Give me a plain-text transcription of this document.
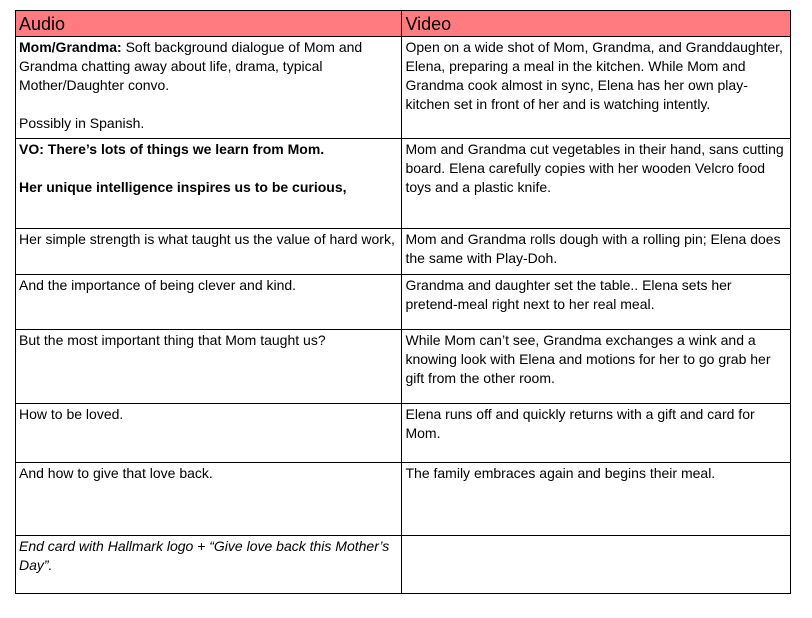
Audio	Video
Mom/Grandma: Soft background dialogue of Mom and Grandma chatting away about life, drama, typical Mother/Daughter convo.
Possibly in Spanish.	Open on a wide shot of Mom, Grandma, and Granddaughter, Elena, preparing a meal in the kitchen. While Mom and Grandma cook almost in sync, Elena has her own play-kitchen set in front of her and is watching intently.
VO: There’s lots of things we learn from Mom.
Her unique intelligence inspires us to be curious,	Mom and Grandma cut vegetables in their hand, sans cutting board. Elena carefully copies with her wooden Velcro food toys and a plastic knife.
Her simple strength is what taught us the value of hard work,	Mom and Grandma rolls dough with a rolling pin; Elena does the same with Play-Doh.
And the importance of being clever and kind.	Grandma and daughter set the table.. Elena sets her pretend-meal right next to her real meal.
But the most important thing that Mom taught us?	While Mom can’t see, Grandma exchanges a wink and a knowing look with Elena and motions for her to go grab her gift from the other room.
How to be loved.	Elena runs off and quickly returns with a gift and card for Mom.
And how to give that love back.	The family embraces again and begins their meal.
End card with Hallmark logo + “Give love back this Mother’s Day”.	
